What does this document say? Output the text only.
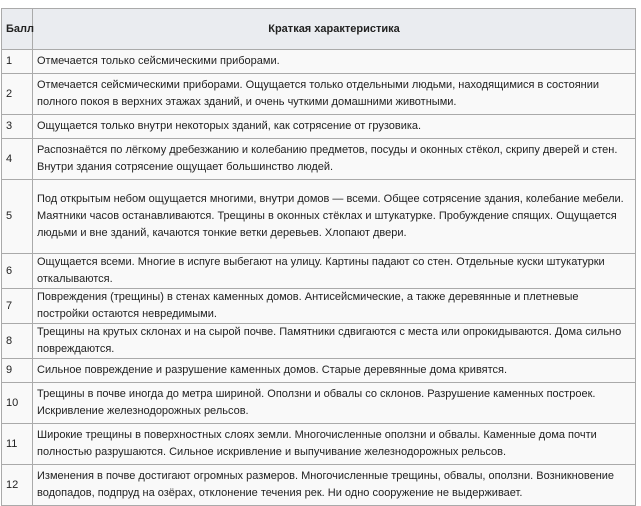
Балл	Краткая характеристика
1	Отмечается только сейсмическими приборами.
2	Отмечается сейсмическими приборами. Ощущается только отдельными людьми, находящимися в состоянии полного покоя в верхних этажах зданий, и очень чуткими домашними животными.
3	Ощущается только внутри некоторых зданий, как сотрясение от грузовика.
4	Распознаётся по лёгкому дребезжанию и колебанию предметов, посуды и оконных стёкол, скрипу дверей и стен. Внутри здания сотрясение ощущает большинство людей.
5	Под открытым небом ощущается многими, внутри домов — всеми. Общее сотрясение здания, колебание мебели. Маятники часов останавливаются. Трещины в оконных стёклах и штукатурке. Пробуждение спящих. Ощущается людьми и вне зданий, качаются тонкие ветки деревьев. Хлопают двери.
6	Ощущается всеми. Многие в испуге выбегают на улицу. Картины падают со стен. Отдельные куски штукатурки откалываются.
7	Повреждения (трещины) в стенах каменных домов. Антисейсмические, а также деревянные и плетневые постройки остаются невредимыми.
8	Трещины на крутых склонах и на сырой почве. Памятники сдвигаются с места или опрокидываются. Дома сильно повреждаются.
9	Сильное повреждение и разрушение каменных домов. Старые деревянные дома кривятся.
10	Трещины в почве иногда до метра шириной. Оползни и обвалы со склонов. Разрушение каменных построек. Искривление железнодорожных рельсов.
11	Широкие трещины в поверхностных слоях земли. Многочисленные оползни и обвалы. Каменные дома почти полностью разрушаются. Сильное искривление и выпучивание железнодорожных рельсов.
12	Изменения в почве достигают огромных размеров. Многочисленные трещины, обвалы, оползни. Возникновение водопадов, подпруд на озёрах, отклонение течения рек. Ни одно сооружение не выдерживает.
